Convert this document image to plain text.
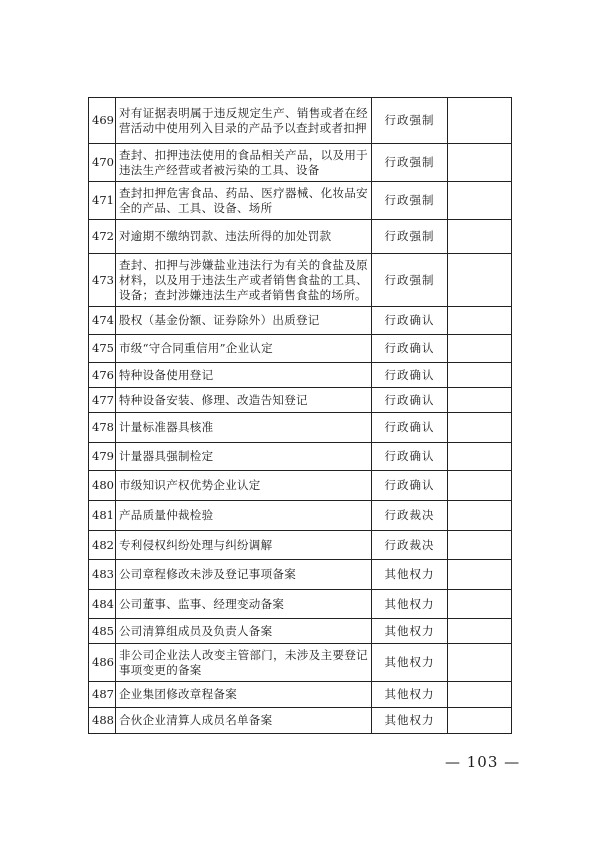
469	对有证据表明属于违反规定生产、销售或者在经营活动中使用列入目录的产品予以查封或者扣押	行政强制	
470	查封、扣押违法使用的食品相关产品，以及用于违法生产经营或者被污染的工具、设备	行政强制	
471	查封扣押危害食品、药品、医疗器械、化妆品安全的产品、工具、设备、场所	行政强制	
472	对逾期不缴纳罚款、违法所得的加处罚款	行政强制	
473	查封、扣押与涉嫌盐业违法行为有关的食盐及原材料，以及用于违法生产或者销售食盐的工具、设备；查封涉嫌违法生产或者销售食盐的场所。	行政强制	
474	股权（基金份额、证券除外）出质登记	行政确认	
475	市级“守合同重信用”企业认定	行政确认	
476	特种设备使用登记	行政确认	
477	特种设备安装、修理、改造告知登记	行政确认	
478	计量标准器具核准	行政确认	
479	计量器具强制检定	行政确认	
480	市级知识产权优势企业认定	行政确认	
481	产品质量仲裁检验	行政裁决	
482	专利侵权纠纷处理与纠纷调解	行政裁决	
483	公司章程修改未涉及登记事项备案	其他权力	
484	公司董事、监事、经理变动备案	其他权力	
485	公司清算组成员及负责人备案	其他权力	
486	非公司企业法人改变主管部门，未涉及主要登记事项变更的备案	其他权力	
487	企业集团修改章程备案	其他权力	
488	合伙企业清算人成员名单备案	其他权力	
— 103 —
